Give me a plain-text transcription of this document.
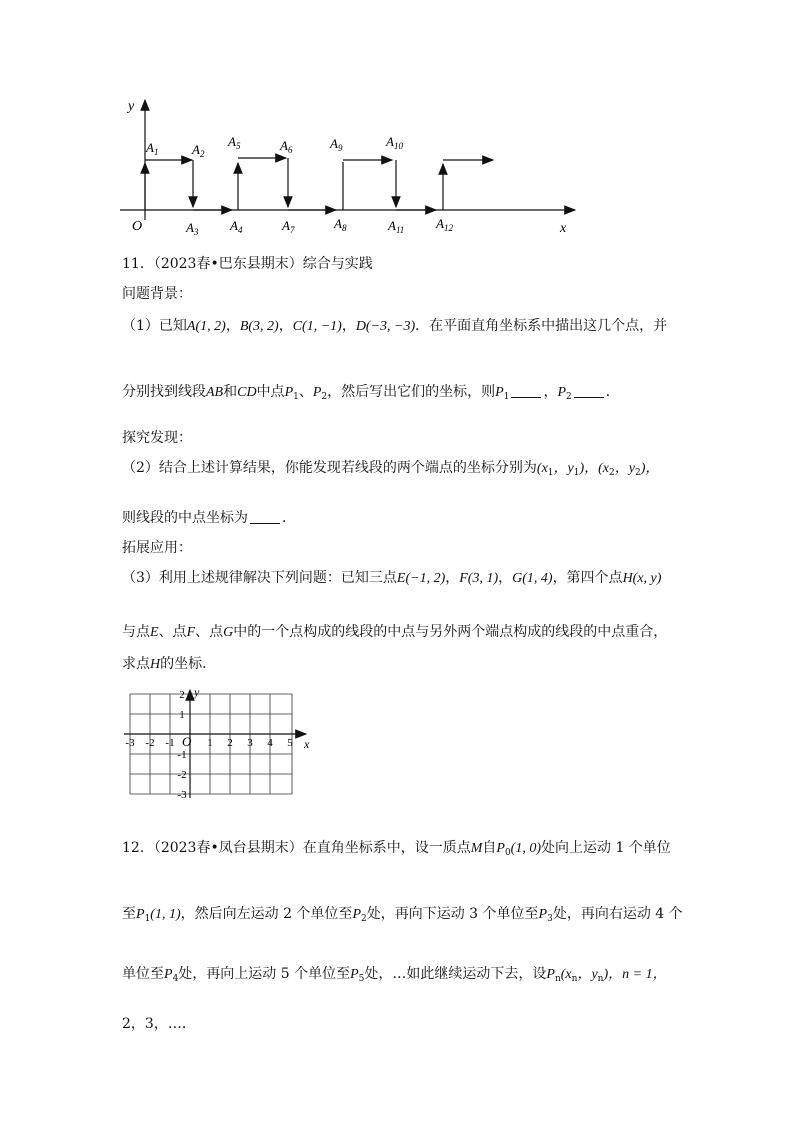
y
x
O
$A_1$	$A_2$
$A_3$ $A_4$
$A_5$	$A_6$
$A_7$	$A_8$
$A_9$	$A_{10}$
$A_{11}$ $A_{12}$
11．（2023春•巴东县期末）综合与实践
问题背景：
（1）已知A(1, 2)，B(3, 2)，C(1, −1)，D(−3, −3)．在平面直角坐标系中描出这几个点，并
分别找到线段AB和CD中点$P_1$、$P_2$，然后写出它们的坐标，则$P_1$ ，$P_2$ ．
探究发现：
（2）结合上述计算结果，你能发现若线段的两个端点的坐标分别为($x_1$，$y_1$)，($x_2$，$y_2$)，
则线段的中点坐标为 ．
拓展应用：
（3）利用上述规律解决下列问题：已知三点E(−1, 2)，F(3, 1)，G(1, 4)，第四个点H(x, y)
与点E、点F、点G中的一个点构成的线段的中点与另外两个端点构成的线段的中点重合，
求点H的坐标．
-3 -2 -1	1 2 3 4 5
2
1
-1
-2
-3
O	x
y
12．（2023春•凤台县期末）在直角坐标系中，设一质点M自$P_0(1$, 0)处向上运动 1 个单位
至$P_1(1$, 1)，然后向左运动 2 个单位至$P_2$处，再向下运动 3 个单位至$P_3$处，再向右运动 4 个
单位至$P_4$处，再向上运动 5 个单位至$P_5$处，…如此继续运动下去，设$P_n(x_n$，$y_n$)，n = 1，
2，3，…．
